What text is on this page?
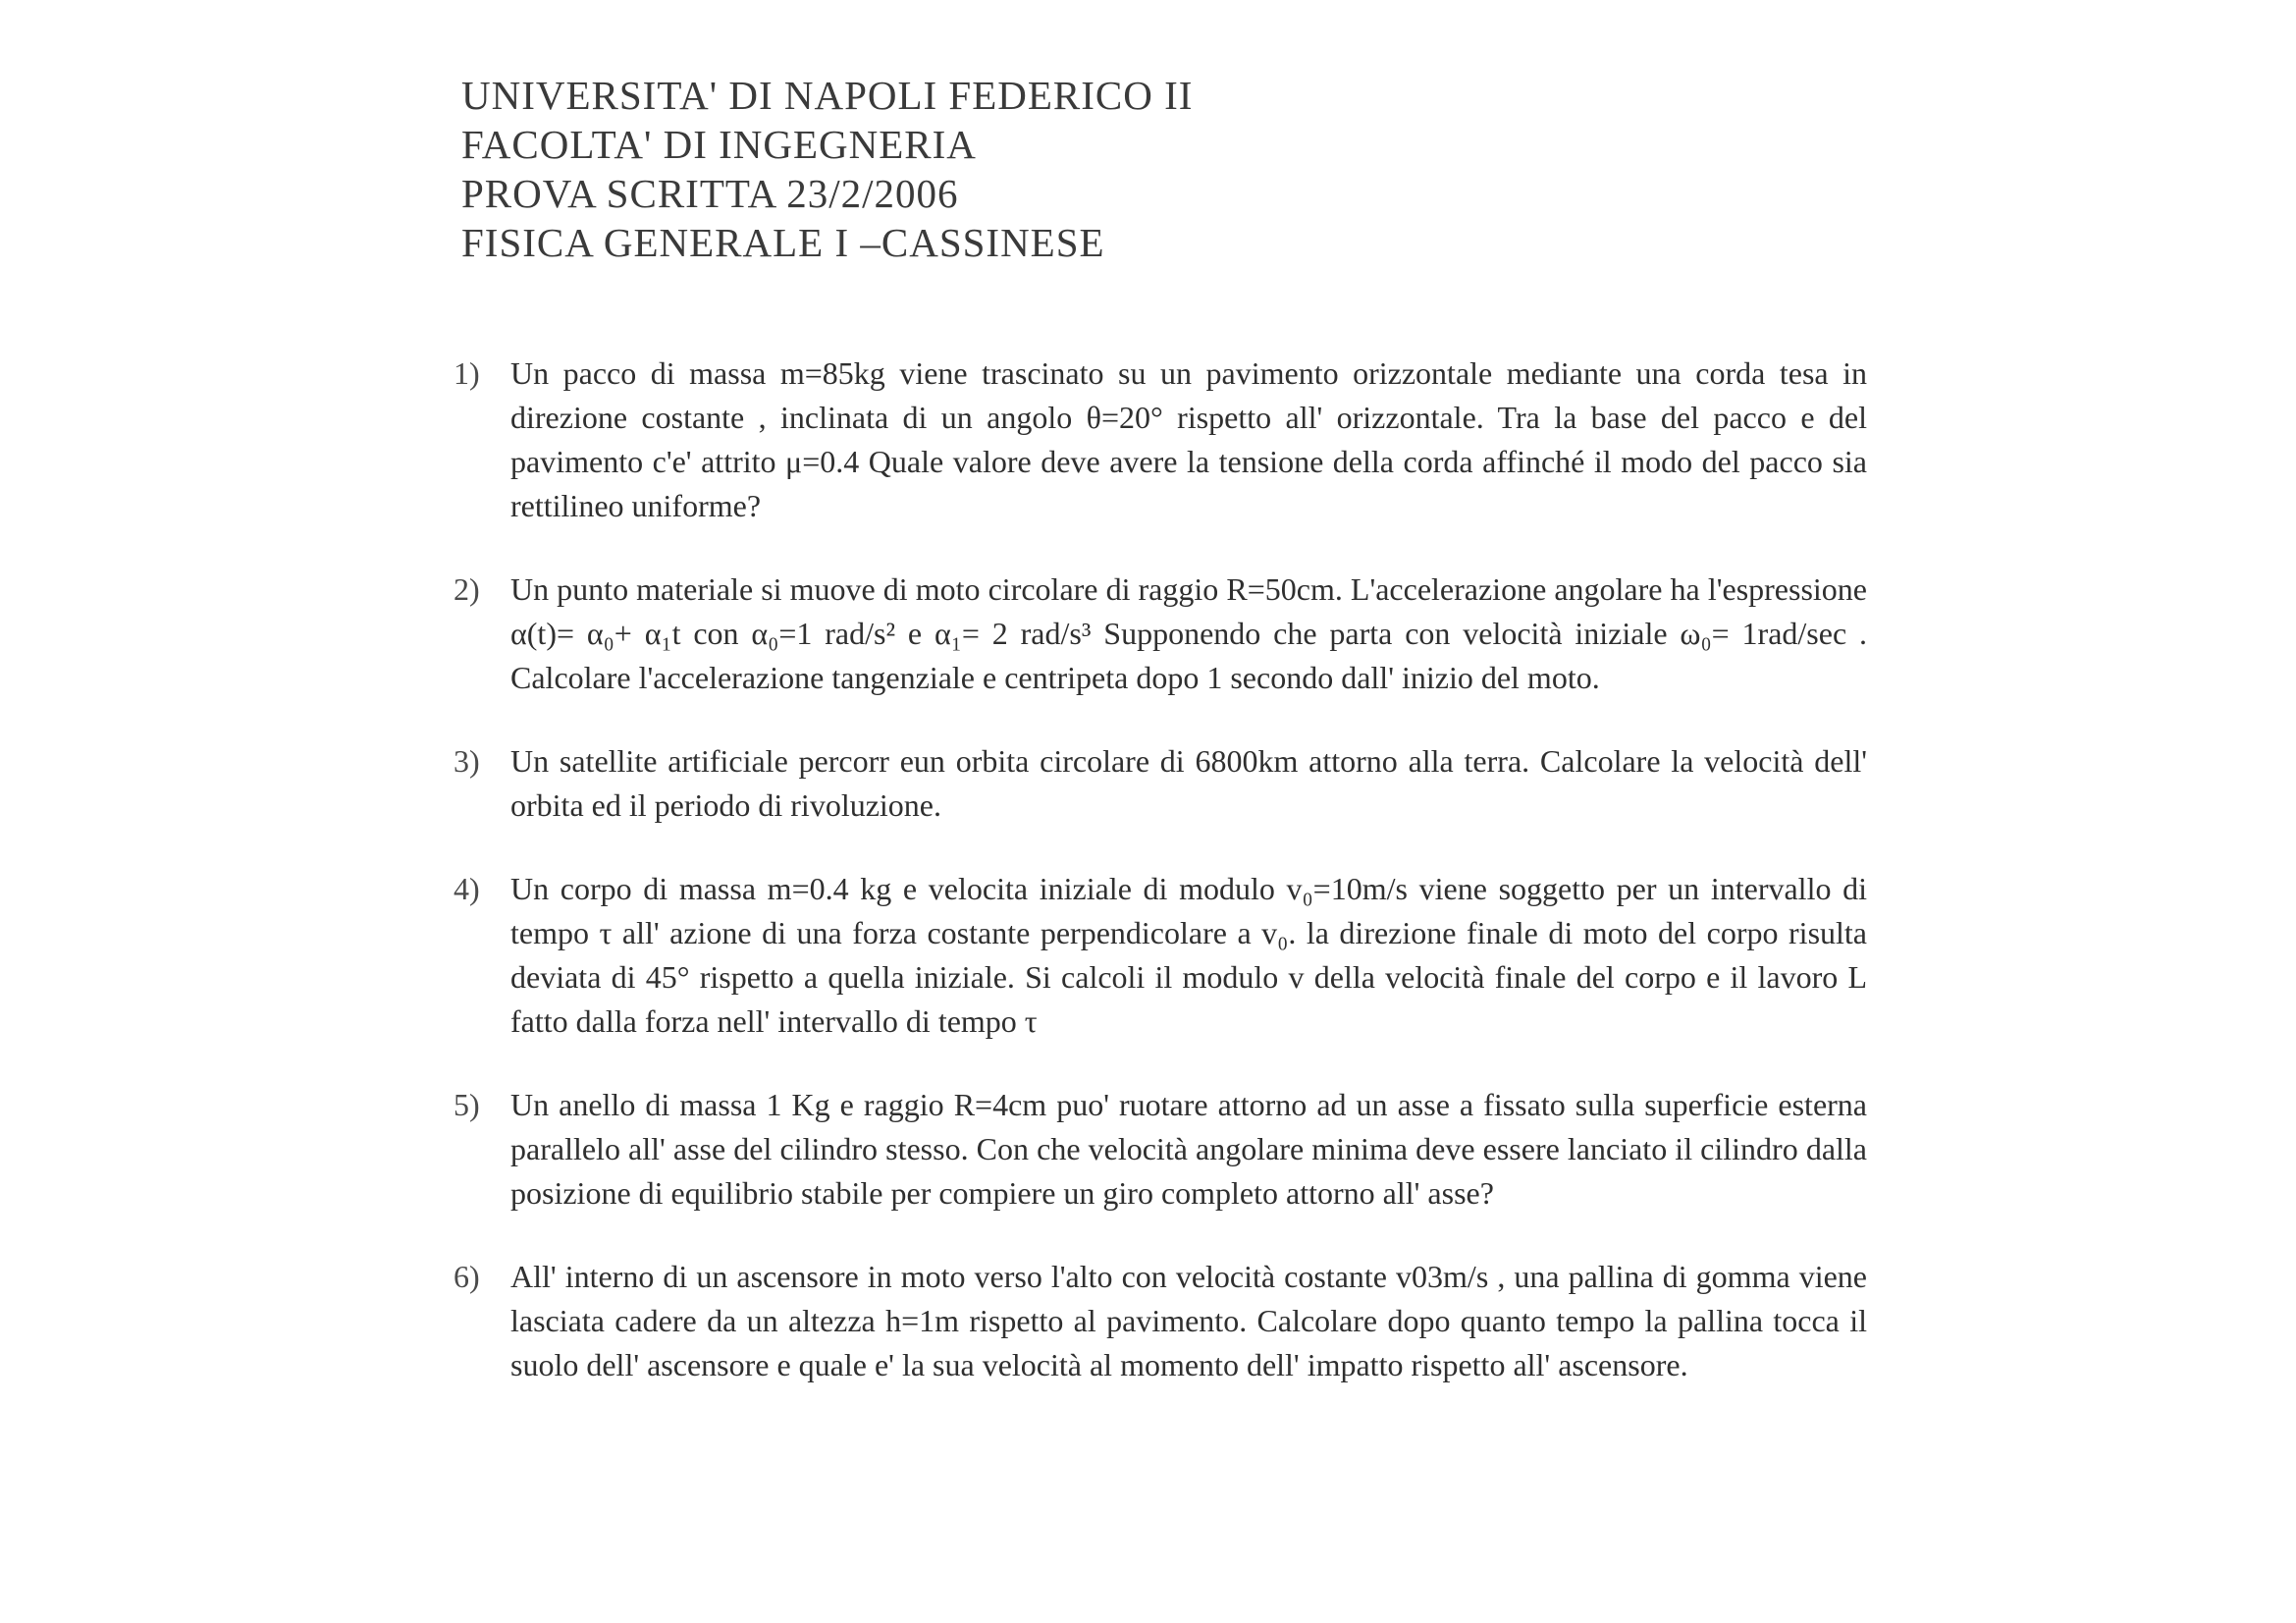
UNIVERSITA' DI NAPOLI FEDERICO II
FACOLTA' DI INGEGNERIA
PROVA SCRITTA 23/2/2006
FISICA GENERALE I –CASSINESE
1) Un pacco di massa m=85kg viene trascinato su un pavimento orizzontale mediante una corda tesa in direzione costante , inclinata di un angolo θ=20° rispetto all' orizzontale. Tra la base del pacco e del pavimento c'e' attrito μ=0.4 Quale valore deve avere la tensione della corda affinché il modo del pacco sia rettilineo uniforme?
2) Un punto materiale si muove di moto circolare di raggio R=50cm. L'accelerazione angolare ha l'espressione α(t)= α₀+ α₁t con α₀=1 rad/s² e α₁= 2 rad/s³ Supponendo che parta con velocità iniziale ω₀= 1rad/sec . Calcolare l'accelerazione tangenziale e centripeta dopo 1 secondo dall' inizio del moto.
3) Un satellite artificiale percorr eun orbita circolare di 6800km attorno alla terra. Calcolare la velocità dell' orbita ed il periodo di rivoluzione.
4) Un corpo di massa m=0.4 kg e velocita iniziale di modulo v₀=10m/s viene soggetto per un intervallo di tempo τ all' azione di una forza costante perpendicolare a v₀. la direzione finale di moto del corpo risulta deviata di 45° rispetto a quella iniziale. Si calcoli il modulo v della velocità finale del corpo e il lavoro L fatto dalla forza nell' intervallo di tempo τ
5) Un anello di massa 1 Kg e raggio R=4cm puo' ruotare attorno ad un asse a fissato sulla superficie esterna parallelo all' asse del cilindro stesso. Con che velocità angolare minima deve essere lanciato il cilindro dalla posizione di equilibrio stabile per compiere un giro completo attorno all' asse?
6) All' interno di un ascensore in moto verso l'alto con velocità costante v03m/s , una pallina di gomma viene lasciata cadere da un altezza h=1m rispetto al pavimento. Calcolare dopo quanto tempo la pallina tocca il suolo dell' ascensore e quale e' la sua velocità al momento dell' impatto rispetto all' ascensore.
